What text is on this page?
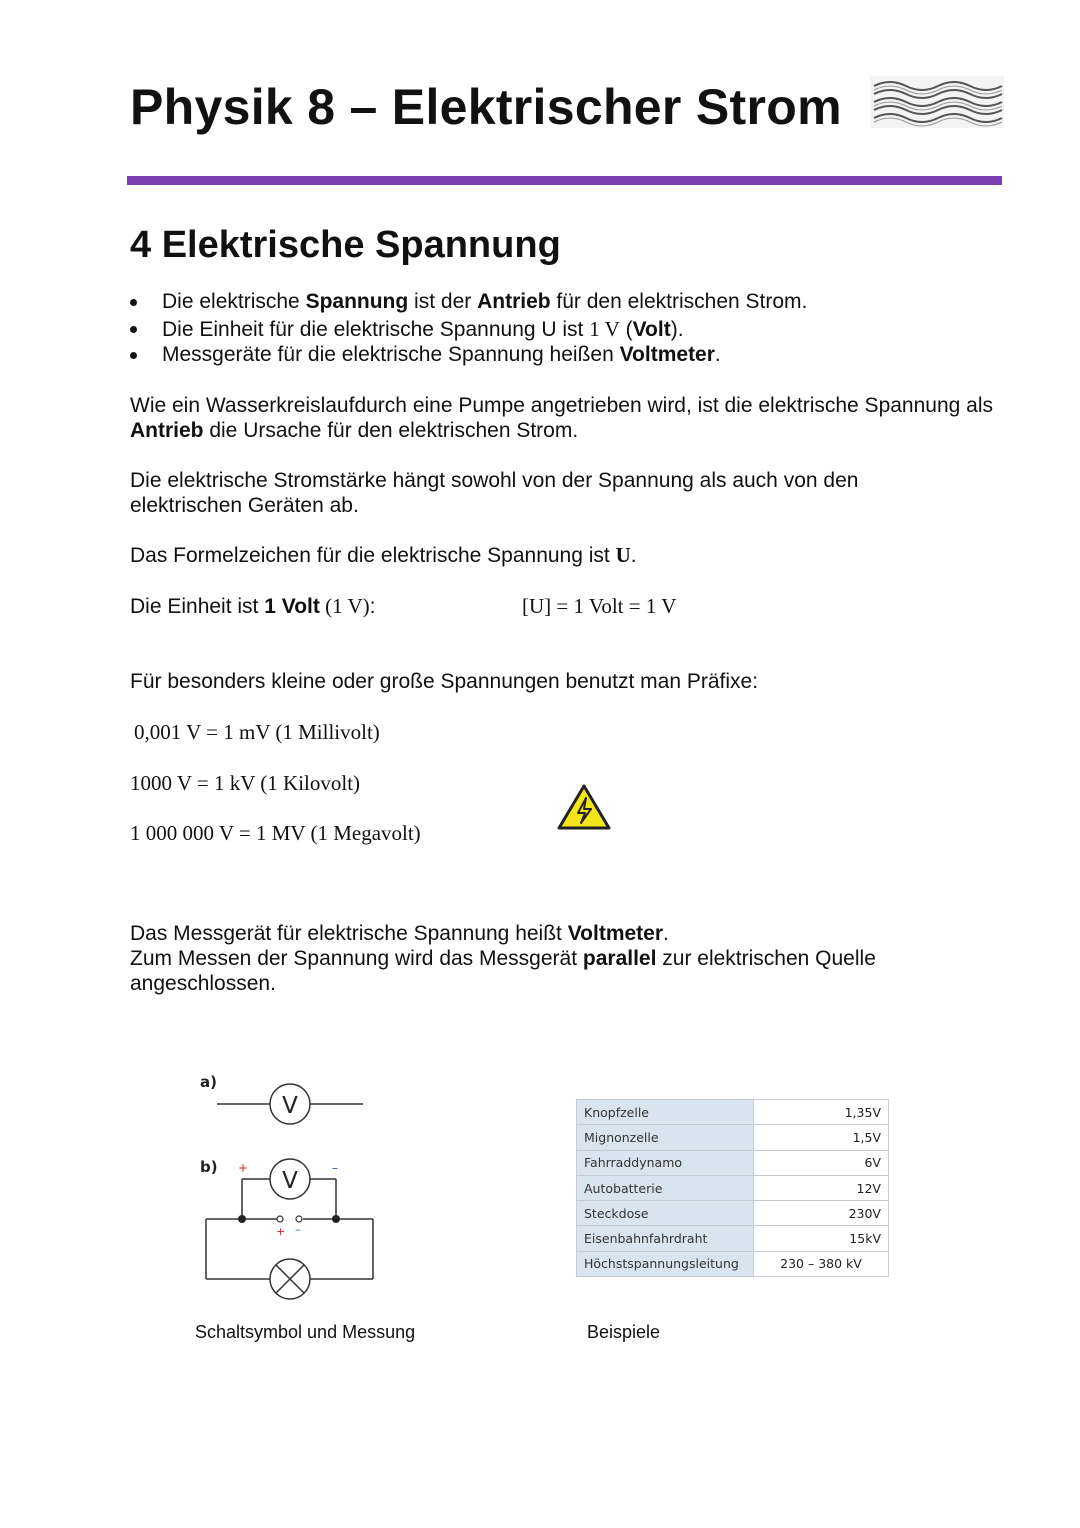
Physik 8 – Elektrischer Strom
4 Elektrische Spannung
Die elektrische Spannung ist der Antrieb für den elektrischen Strom.
Die Einheit für die elektrische Spannung U ist 1 V (Volt).
Messgeräte für die elektrische Spannung heißen Voltmeter.
Wie ein Wasserkreislaufdurch eine Pumpe angetrieben wird, ist die elektrische Spannung als Antrieb die Ursache für den elektrischen Strom.
Die elektrische Stromstärke hängt sowohl von der Spannung als auch von den elektrischen Geräten ab.
Das Formelzeichen für die elektrische Spannung ist U.
Die Einheit ist 1 Volt (1 V):	[U] = 1 Volt = 1 V
Für besonders kleine oder große Spannungen benutzt man Präfixe:
0,001 V = 1 mV (1 Millivolt)
1000 V = 1 kV (1 Kilovolt)
1 000 000 V = 1 MV (1 Megavolt)
Das Messgerät für elektrische Spannung heißt Voltmeter.
Zum Messen der Spannung wird das Messgerät parallel zur elektrischen Quelle angeschlossen.
a)
V
b) +	–
V
+ –
Schaltsymbol und Messung
Knopfzelle	1,35V
Mignonzelle	1,5V
Fahrraddynamo	6V
Autobatterie	12V
Steckdose	230V
Eisenbahnfahrdraht	15kV
Höchstspannungsleitung	230 – 380 kV
Beispiele
